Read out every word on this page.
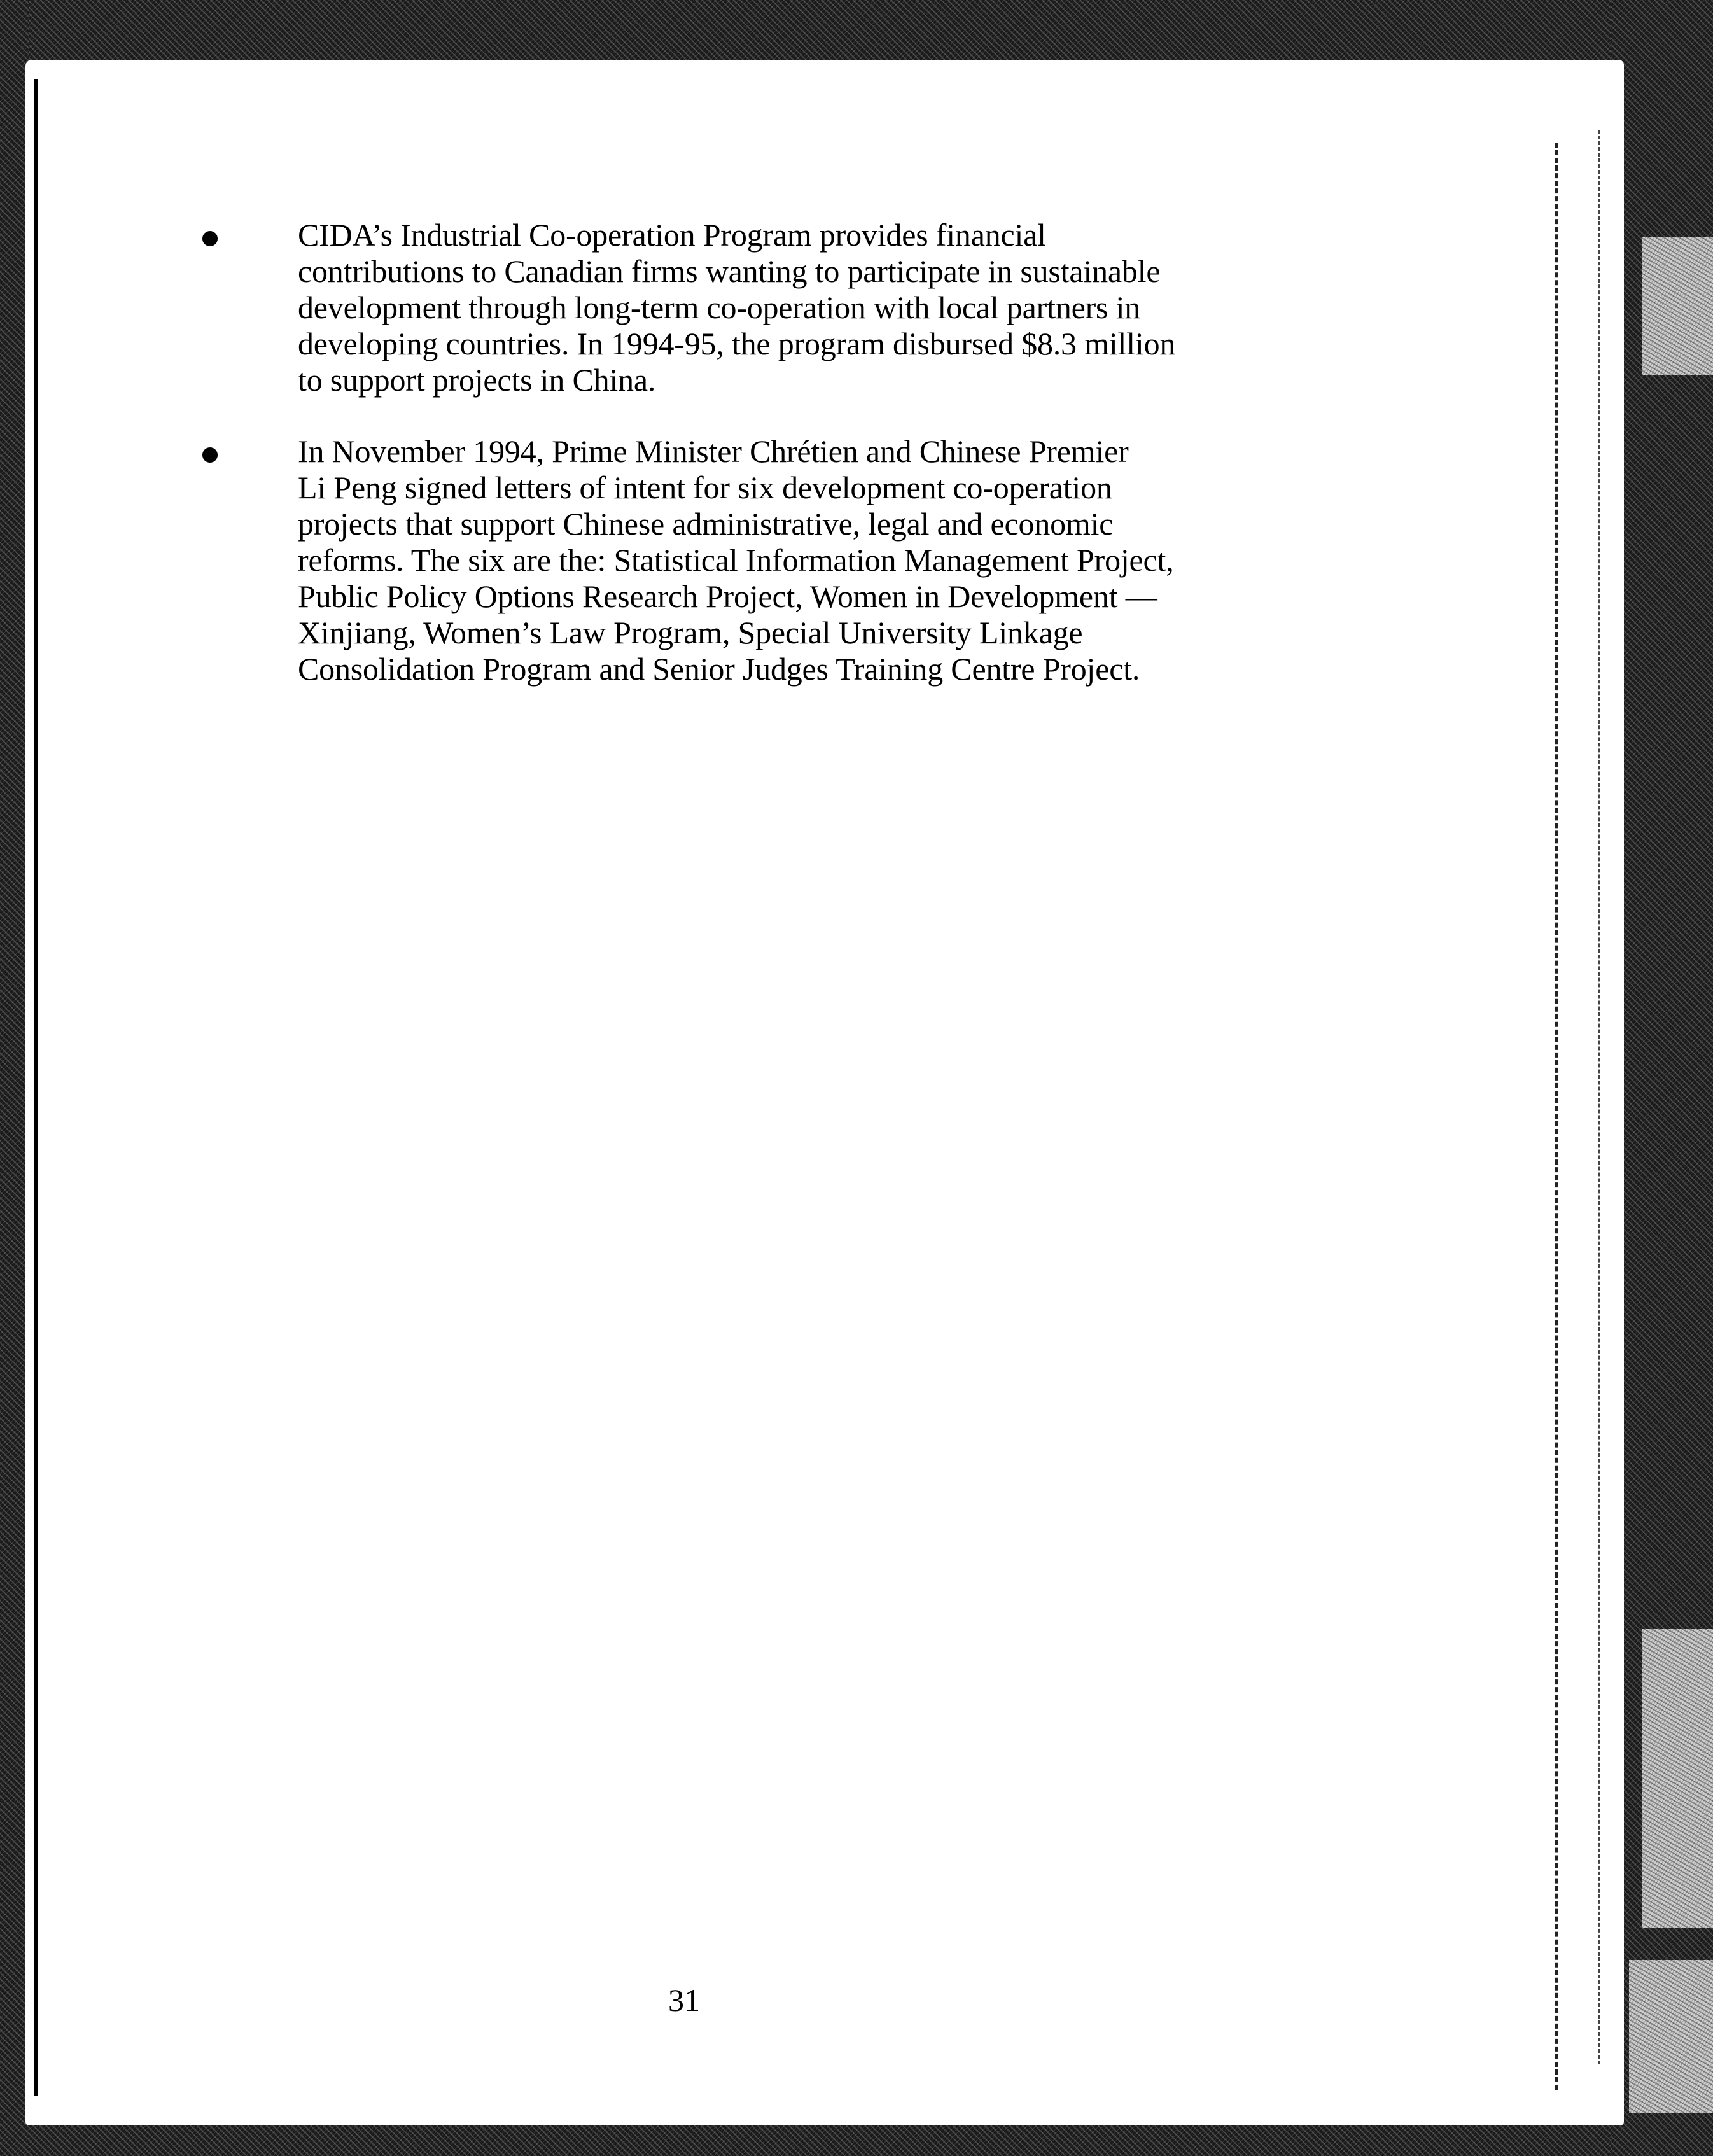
CIDA’s Industrial Co-operation Program provides financial
contributions to Canadian firms wanting to participate in sustainable
development through long-term co-operation with local partners in
developing countries. In 1994-95, the program disbursed $8.3 million
to support projects in China.

In November 1994, Prime Minister Chrétien and Chinese Premier
Li Peng signed letters of intent for six development co-operation
projects that support Chinese administrative, legal and economic
reforms. The six are the: Statistical Information Management Project,
Public Policy Options Research Project, Women in Development —
Xinjiang, Women’s Law Program, Special University Linkage
Consolidation Program and Senior Judges Training Centre Project.

31
